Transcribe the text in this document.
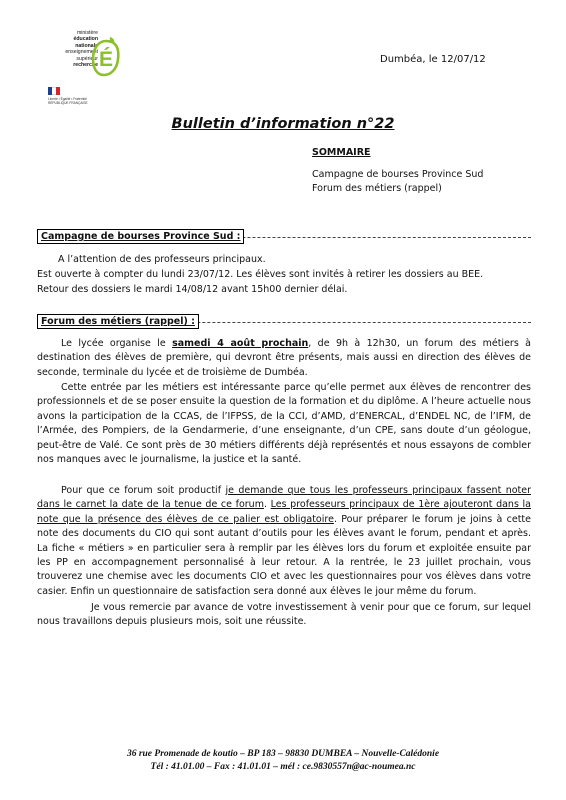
ministère
éducation
nationale
enseignement
supérieur
recherche É
Liberté • Égalité • Fraternité RÉPUBLIQUE FRANÇAISE
Dumbéa, le 12/07/12
Bulletin d’information n°22
SOMMAIRE
Campagne de bourses Province Sud
Forum des métiers (rappel)
Campagne de bourses Province Sud :
A l’attention de des professeurs principaux.
Est ouverte à compter du lundi 23/07/12. Les élèves sont invités à retirer les dossiers au BEE.
Retour des dossiers le mardi 14/08/12 avant 15h00 dernier délai.
Forum des métiers (rappel) :
Le lycée organise le samedi 4 août prochain, de 9h à 12h30, un forum des métiers à destination des élèves de première, qui devront être présents, mais aussi en direction des élèves de seconde, terminale du lycée et de troisième de Dumbéa.
Cette entrée par les métiers est intéressante parce qu’elle permet aux élèves de rencontrer des professionnels et de se poser ensuite la question de la formation et du diplôme. A l’heure actuelle nous avons la participation de la CCAS, de l’IFPSS, de la CCI, d’AMD, d’ENERCAL, d’ENDEL NC, de l’IFM, de l’Armée, des Pompiers, de la Gendarmerie, d’une enseignante, d’un CPE, sans doute d’un géologue, peut-être de Valé. Ce sont près de 30 métiers différents déjà représentés et nous essayons de combler nos manques avec le journalisme, la justice et la santé.
Pour que ce forum soit productif je demande que tous les professeurs principaux fassent noter dans le carnet la date de la tenue de ce forum. Les professeurs principaux de 1ère ajouteront dans la note que la présence des élèves de ce palier est obligatoire. Pour préparer le forum je joins à cette note des documents du CIO qui sont autant d’outils pour les élèves avant le forum, pendant et après. La fiche « métiers » en particulier sera à remplir par les élèves lors du forum et exploitée ensuite par les PP en accompagnement personnalisé à leur retour. A la rentrée, le 23 juillet prochain, vous trouverez une chemise avec les documents CIO et avec les questionnaires pour vos élèves dans votre casier. Enfin un questionnaire de satisfaction sera donné aux élèves le jour même du forum.
Je vous remercie par avance de votre investissement à venir pour que ce forum, sur lequel nous travaillons depuis plusieurs mois, soit une réussite.
36 rue Promenade de koutio – BP 183 – 98830 DUMBEA – Nouvelle-Calédonie
Tél : 41.01.00 – Fax : 41.01.01 – mél : ce.9830557n@ac-noumea.nc
